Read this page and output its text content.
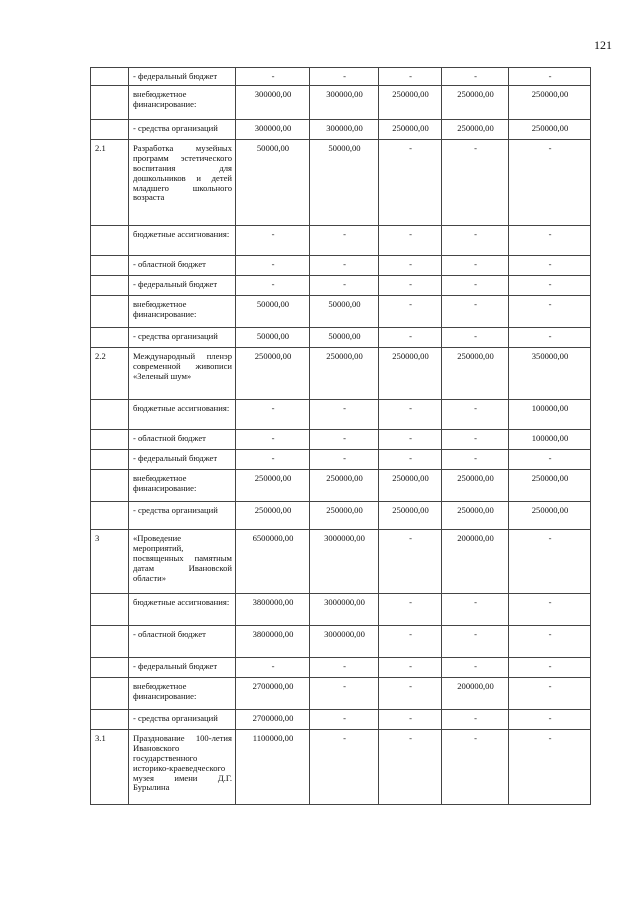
121
	- федеральный бюджет	-	-	-	-	-
	внебюджетное финансирование:	300000,00	300000,00	250000,00	250000,00	250000,00
	- средства организаций	300000,00	300000,00	250000,00	250000,00	250000,00
2.1	Разработка музейных программ эстетического воспитания для дошкольников и детей младшего школьного возраста	50000,00	50000,00	-	-	-
	бюджетные ассигнования:	-	-	-	-	-
	- областной бюджет	-	-	-	-	-
	- федеральный бюджет	-	-	-	-	-
	внебюджетное финансирование:	50000,00	50000,00	-	-	-
	- средства организаций	50000,00	50000,00	-	-	-
2.2	Международный пленэр современной живописи «Зеленый шум»	250000,00	250000,00	250000,00	250000,00	350000,00
	бюджетные ассигнования:	-	-	-	-	100000,00
	- областной бюджет	-	-	-	-	100000,00
	- федеральный бюджет	-	-	-	-	-
	внебюджетное финансирование:	250000,00	250000,00	250000,00	250000,00	250000,00
	- средства организаций	250000,00	250000,00	250000,00	250000,00	250000,00
3	«Проведение мероприятий, посвященных памятным датам Ивановской области»	6500000,00	3000000,00	-	200000,00	-
	бюджетные ассигнования:	3800000,00	3000000,00	-	-	-
	- областной бюджет	3800000,00	3000000,00	-	-	-
	- федеральный бюджет	-	-	-	-	-
	внебюджетное финансирование:	2700000,00	-	-	200000,00	-
	- средства организаций	2700000,00	-	-	-	-
3.1	Празднование 100-летия Ивановского государственного историко-краеведческого музея имени Д.Г. Бурылина	1100000,00	-	-	-	-
